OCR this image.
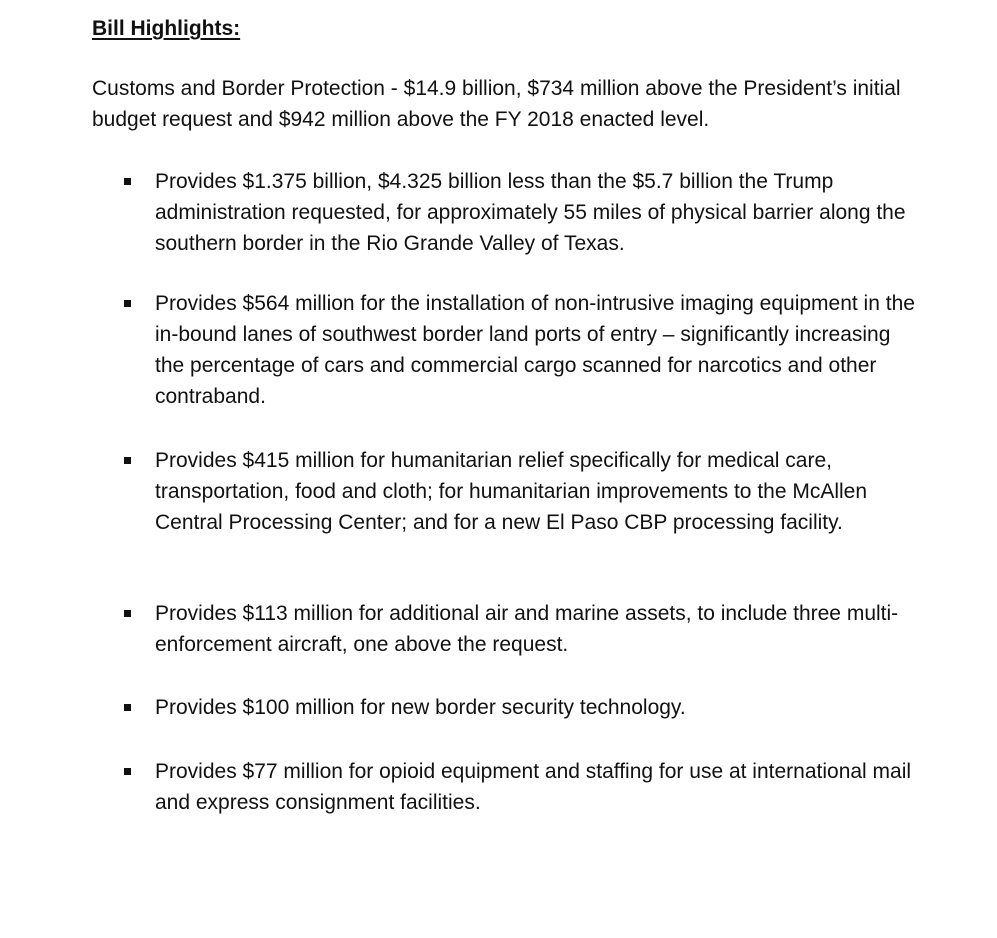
Bill Highlights:

Customs and Border Protection - $14.9 billion, $734 million above the President’s initial budget request and $942 million above the FY 2018 enacted level.

Provides $1.375 billion, $4.325 billion less than the $5.7 billion the Trump administration requested, for approximately 55 miles of physical barrier along the southern border in the Rio Grande Valley of Texas.

Provides $564 million for the installation of non-intrusive imaging equipment in the in-bound lanes of southwest border land ports of entry – significantly increasing the percentage of cars and commercial cargo scanned for narcotics and other contraband.

Provides $415 million for humanitarian relief specifically for medical care, transportation, food and cloth; for humanitarian improvements to the McAllen Central Processing Center; and for a new El Paso CBP processing facility.

Provides $113 million for additional air and marine assets, to include three multi-enforcement aircraft, one above the request.

Provides $100 million for new border security technology.

Provides $77 million for opioid equipment and staffing for use at international mail and express consignment facilities.
